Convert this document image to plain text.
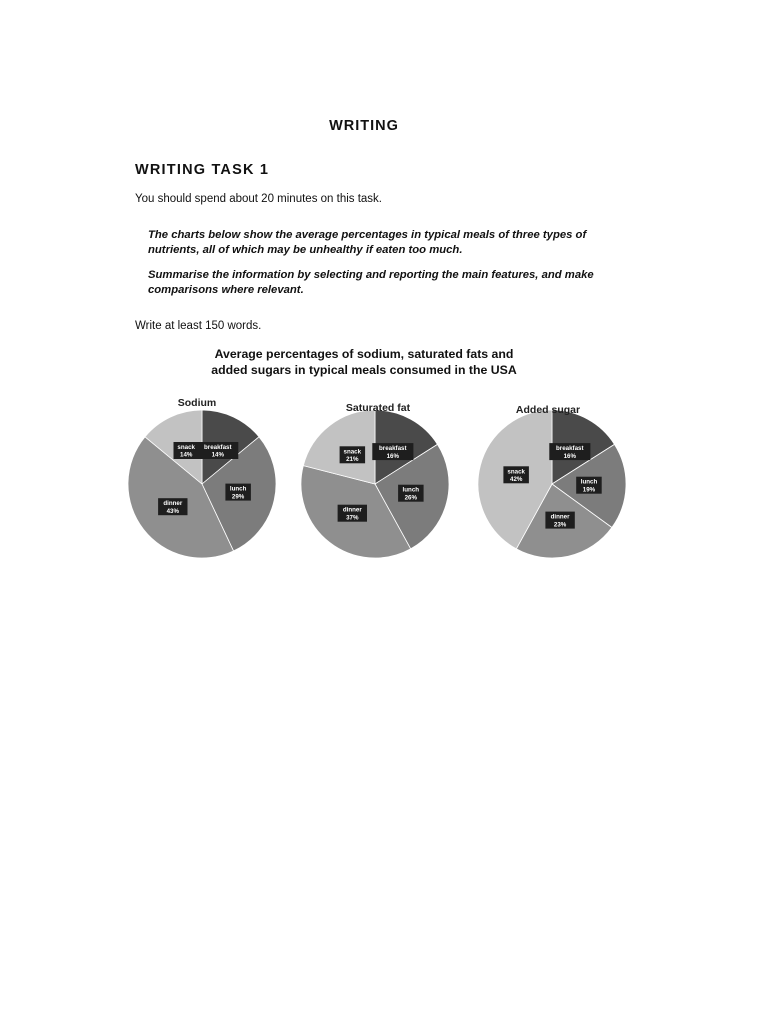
WRITING
WRITING TASK 1
You should spend about 20 minutes on this task.
The charts below show the average percentages in typical meals of three types of nutrients, all of which may be unhealthy if eaten too much.
Summarise the information by selecting and reporting the main features, and make comparisons where relevant.
Write at least 150 words.
Average percentages of sodium, saturated fats and
added sugars in typical meals consumed in the USA
breakfast
14%
lunch
29%
dinner
43%
snack
14%
Sodium
breakfast
16%
lunch
26%
dinner
37%
snack
21%
Saturated fat
breakfast
16%
lunch
19%
dinner
23%
snack
42%
Added sugar
